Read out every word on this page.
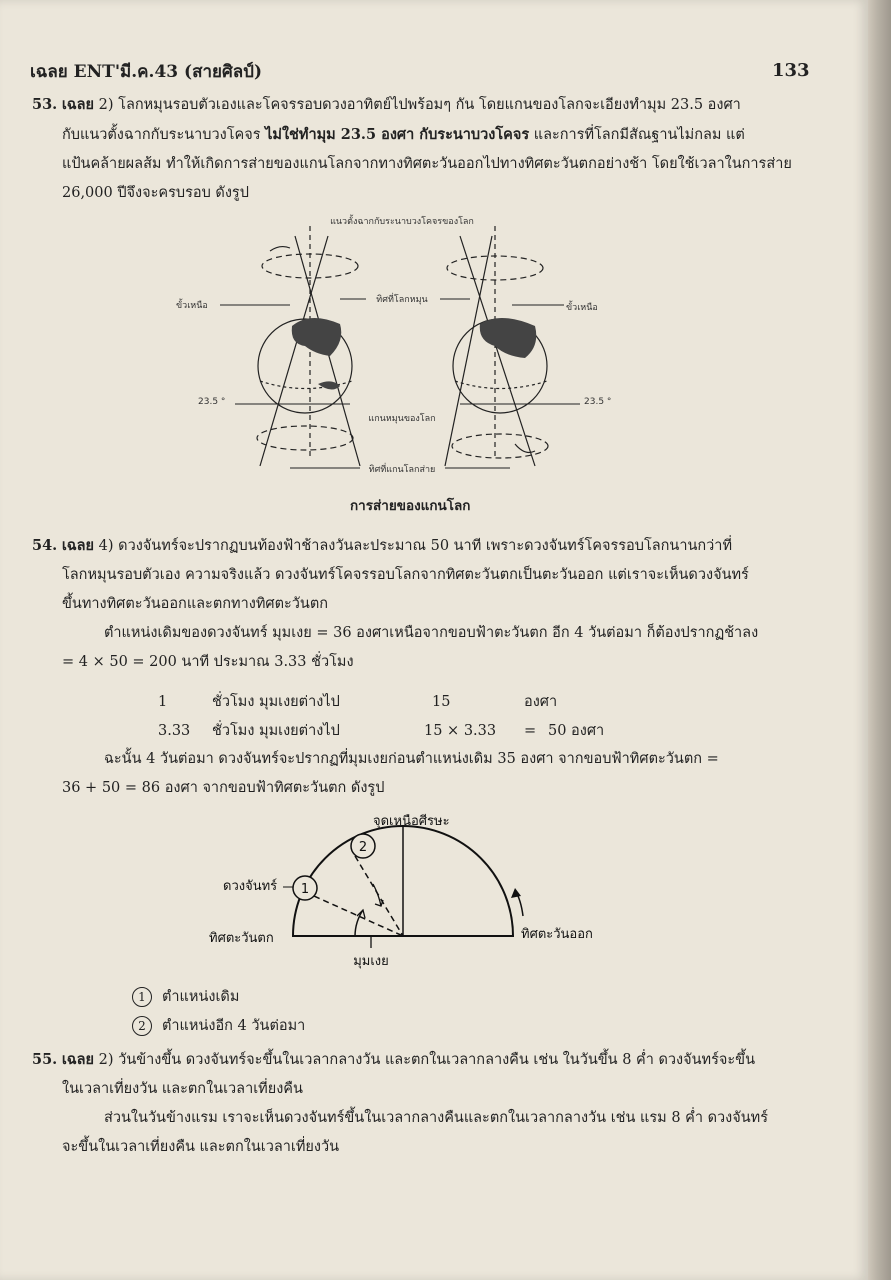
เฉลย ENT'มี.ค.43 (สายศิลป์)	133
53. เฉลย 2) โลกหมุนรอบตัวเองและโคจรรอบดวงอาทิตย์ไปพร้อมๆ กัน โดยแกนของโลกจะเอียงทำมุม 23.5 องศา
กับแนวตั้งฉากกับระนาบวงโคจร ไม่ใช่ทำมุม 23.5 องศา กับระนาบวงโคจร และการที่โลกมีสัณฐานไม่กลม แต่
แป้นคล้ายผลส้ม ทำให้เกิดการส่ายของแกนโลกจากทางทิศตะวันออกไปทางทิศตะวันตกอย่างช้า โดยใช้เวลาในการส่าย
26,000 ปีจึงจะครบรอบ ดังรูป
แนวตั้งฉากกับระนาบวงโคจรของโลก
ขั้วเหนือ
ทิศที่โลกหมุน
ขั้วเหนือ
23.5 °	23.5 °
แกนหมุนของโลก
ทิศที่แกนโลกส่าย
การส่ายของแกนโลก
54. เฉลย 4) ดวงจันทร์จะปรากฏบนท้องฟ้าช้าลงวันละประมาณ 50 นาที เพราะดวงจันทร์โคจรรอบโลกนานกว่าที่
โลกหมุนรอบตัวเอง ความจริงแล้ว ดวงจันทร์โคจรรอบโลกจากทิศตะวันตกเป็นตะวันออก แต่เราจะเห็นดวงจันทร์
ขึ้นทางทิศตะวันออกและตกทางทิศตะวันตก
ตำแหน่งเดิมของดวงจันทร์ มุมเงย = 36 องศาเหนือจากขอบฟ้าตะวันตก อีก 4 วันต่อมา ก็ต้องปรากฏช้าลง
= 4 × 50 = 200 นาที ประมาณ 3.33 ชั่วโมง
1	ชั่วโมง มุมเงยต่างไป	15	องศา
3.33 ชั่วโมง มุมเงยต่างไป	15 × 3.33 = 50 องศา
ฉะนั้น 4 วันต่อมา ดวงจันทร์จะปรากฏที่มุมเงยก่อนตำแหน่งเดิม 35 องศา จากขอบฟ้าทิศตะวันตก =
36 + 50 = 86 องศา จากขอบฟ้าทิศตะวันตก ดังรูป
1
2
จุดเหนือศีรษะ
ดวงจันทร์
ทิศตะวันตก	ทิศตะวันออก
มุมเงย
1 ตำแหน่งเดิม
2 ตำแหน่งอีก 4 วันต่อมา
55. เฉลย 2) วันข้างขึ้น ดวงจันทร์จะขึ้นในเวลากลางวัน และตกในเวลากลางคืน เช่น ในวันขึ้น 8 ค่ำ ดวงจันทร์จะขึ้น
ในเวลาเที่ยงวัน และตกในเวลาเที่ยงคืน
ส่วนในวันข้างแรม เราจะเห็นดวงจันทร์ขึ้นในเวลากลางคืนและตกในเวลากลางวัน เช่น แรม 8 ค่ำ ดวงจันทร์
จะขึ้นในเวลาเที่ยงคืน และตกในเวลาเที่ยงวัน
